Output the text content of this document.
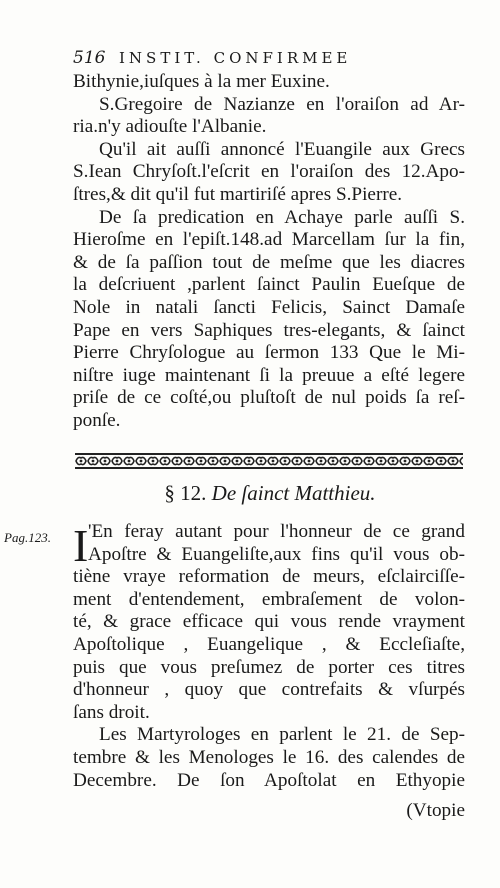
516 INSTIT. CONFIRMEE
Bithynie,iuſques à la mer Euxine.
S.Gregoire de Nazianze en l'oraiſon ad Ar-
ria.n'y adiouſte l'Albanie.
Qu'il ait auſſi annoncé l'Euangile aux Grecs
S.Iean Chryſoſt.l'eſcrit en l'oraiſon des 12.Apo-
ſtres,& dit qu'il fut martiriſé apres S.Pierre.
De ſa predication en Achaye parle auſſi S.
Hieroſme en l'epiſt.148.ad Marcellam ſur la fin,
& de ſa paſſion tout de meſme que les diacres
la deſcriuent ,parlent ſainct Paulin Eueſque de
Nole in natali ſancti Felicis, Sainct Damaſe
Pape en vers Saphiques tres-elegants, & ſainct
Pierre Chryſologue au ſermon 133 Que le Mi-
niſtre iuge maintenant ſi la preuue a eſté legere
priſe de ce coſté,ou pluſtoſt de nul poids ſa reſ-
ponſe.
§ 12. De ſainct Matthieu.
Pag.123. I 'En feray autant pour l'honneur de ce grand
Apoſtre & Euangeliſte,aux fins qu'il vous ob-
tiène vraye reformation de meurs, eſclairciſſe-
ment d'entendement, embraſement de volon-
té, & grace efficace qui vous rende vrayment
Apoſtolique , Euangelique , & Eccleſiaſte,
puis que vous preſumez de porter ces titres
d'honneur , quoy que contrefaits & vſurpés
ſans droit.
Les Martyrologes en parlent le 21. de Sep-
tembre & les Menologes le 16. des calendes de
Decembre. De ſon Apoſtolat en Ethyopie
(Vtopie
